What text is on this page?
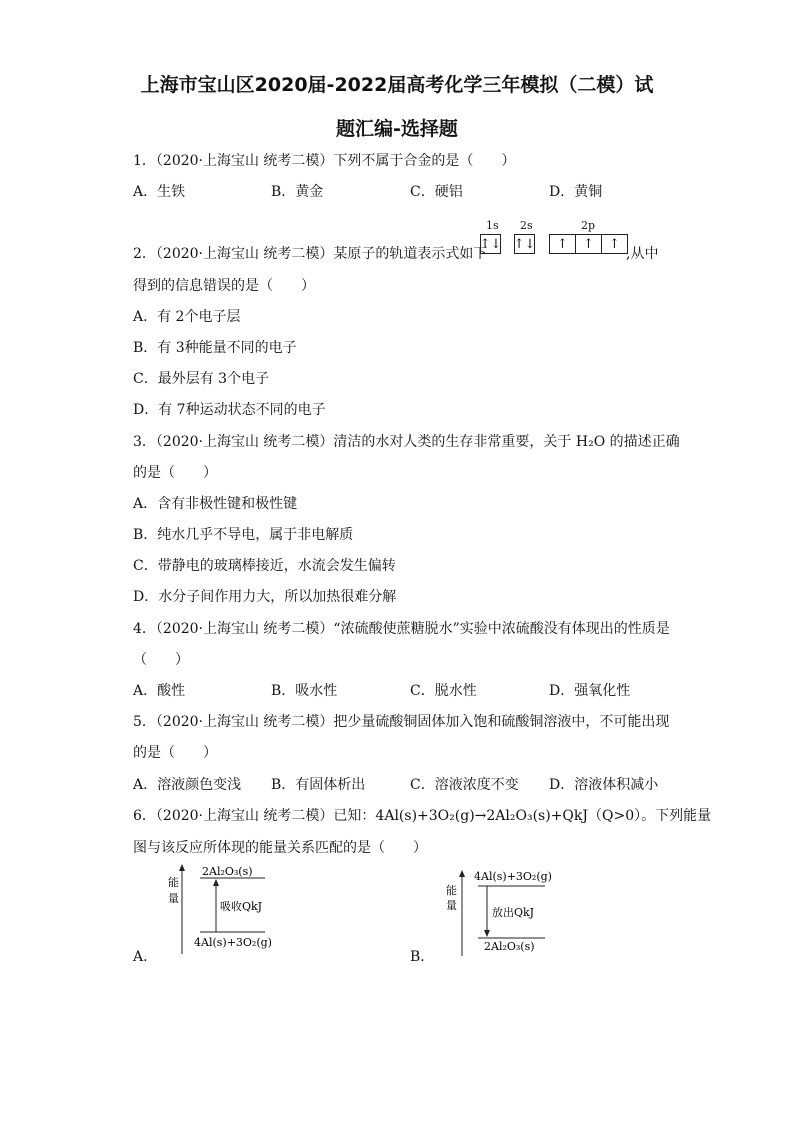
上海市宝山区2020届-2022届高考化学三年模拟（二模）试
题汇编-选择题
1．（2020·上海宝山 统考二模）下列不属于合金的是（　　）
A．生铁	B．黄金	C．硬铝	D．黄铜
2．（2020·上海宝山 统考二模）某原子的轨道表示式如下
1s 2s	2p
↑↓ ↑↓	↑	↑	↑
,从中
得到的信息错误的是（　　）
A．有 2个电子层
B．有 3种能量不同的电子
C．最外层有 3个电子
D．有 7种运动状态不同的电子
3．（2020·上海宝山 统考二模）清洁的水对人类的生存非常重要，关于 H₂O 的描述正确
的是（　　）
A．含有非极性键和极性键
B．纯水几乎不导电，属于非电解质
C．带静电的玻璃棒接近，水流会发生偏转
D．水分子间作用力大，所以加热很难分解
4．（2020·上海宝山 统考二模）“浓硫酸使蔗糖脱水”实验中浓硫酸没有体现出的性质是
（　　）
A．酸性	B．吸水性	C．脱水性	D．强氧化性
5．（2020·上海宝山 统考二模）把少量硫酸铜固体加入饱和硫酸铜溶液中，不可能出现
的是（　　）
A．溶液颜色变浅 B．有固体析出	C．溶液浓度不变 D．溶液体积减小
6．（2020·上海宝山 统考二模）已知：4Al(s)+3O₂(g)→2Al₂O₃(s)+QkJ（Q>0）。下列能量
图与该反应所体现的能量关系匹配的是（　　）
A．
能
量
2Al₂O₃(s)
吸收QkJ
4Al(s)+3O₂(g)
B．
能
量
4Al(s)+3O₂(g)
放出QkJ
2Al₂O₃(s)
